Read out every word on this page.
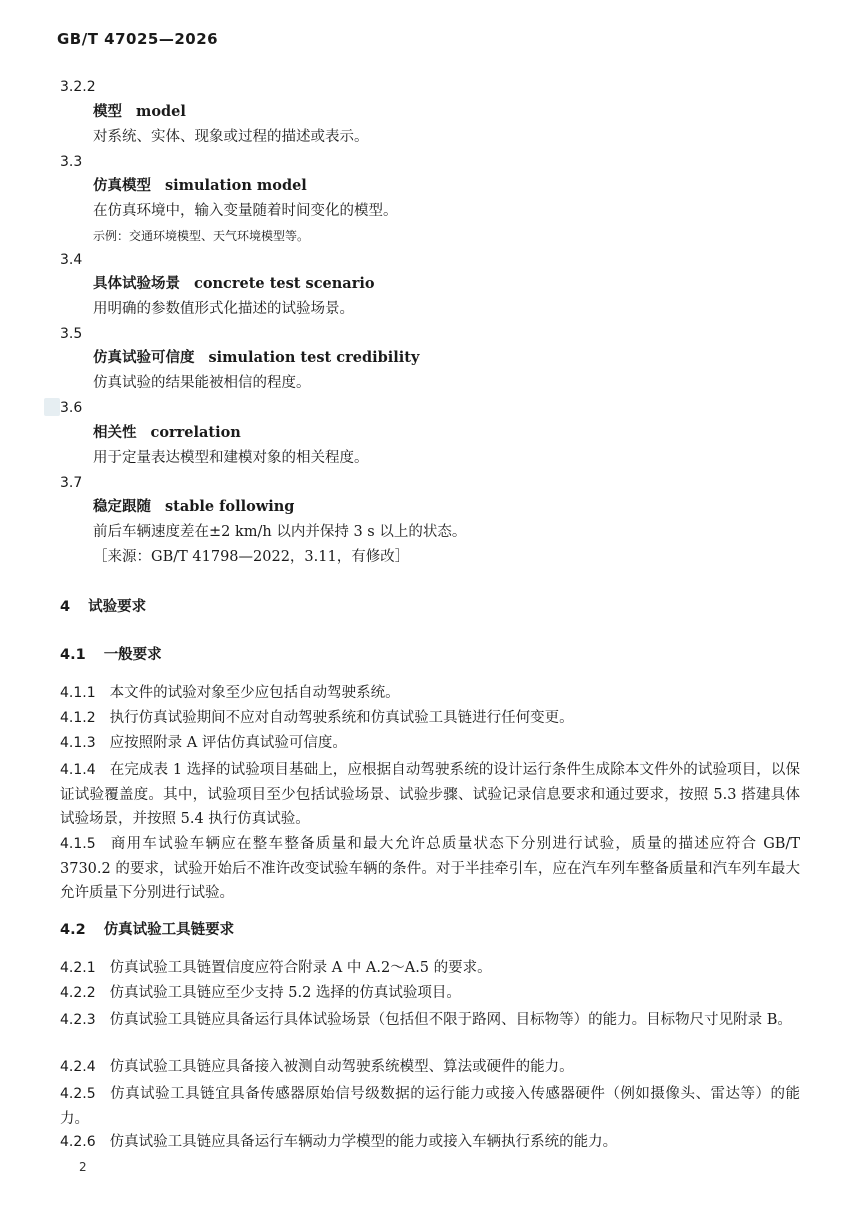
GB/T 47025—2026
3.2.2
模型 model
对系统、实体、现象或过程的描述或表示。
3.3
仿真模型 simulation model
在仿真环境中，输入变量随着时间变化的模型。
示例：交通环境模型、天气环境模型等。
3.4
具体试验场景 concrete test scenario
用明确的参数值形式化描述的试验场景。
3.5
仿真试验可信度 simulation test credibility
仿真试验的结果能被相信的程度。
3.6
相关性 correlation
用于定量表达模型和建模对象的相关程度。
3.7
稳定跟随 stable following
前后车辆速度差在±2 km/h 以内并保持 3 s 以上的状态。
［来源：GB/T 41798—2022，3.11，有修改］
4 试验要求
4.1 一般要求
4.1.1 本文件的试验对象至少应包括自动驾驶系统。
4.1.2 执行仿真试验期间不应对自动驾驶系统和仿真试验工具链进行任何变更。
4.1.3 应按照附录 A 评估仿真试验可信度。
4.1.4 在完成表 1 选择的试验项目基础上，应根据自动驾驶系统的设计运行条件生成除本文件外的试验项目，以保证试验覆盖度。其中，试验项目至少包括试验场景、试验步骤、试验记录信息要求和通过要求，按照 5.3 搭建具体试验场景，并按照 5.4 执行仿真试验。
4.1.5 商用车试验车辆应在整车整备质量和最大允许总质量状态下分别进行试验，质量的描述应符合 GB/T 3730.2 的要求，试验开始后不准许改变试验车辆的条件。对于半挂牵引车，应在汽车列车整备质量和汽车列车最大允许质量下分别进行试验。
4.2 仿真试验工具链要求
4.2.1 仿真试验工具链置信度应符合附录 A 中 A.2～A.5 的要求。
4.2.2 仿真试验工具链应至少支持 5.2 选择的仿真试验项目。
4.2.3 仿真试验工具链应具备运行具体试验场景（包括但不限于路网、目标物等）的能力。目标物尺寸见附录 B。
4.2.4 仿真试验工具链应具备接入被测自动驾驶系统模型、算法或硬件的能力。
4.2.5 仿真试验工具链宜具备传感器原始信号级数据的运行能力或接入传感器硬件（例如摄像头、雷达等）的能力。
4.2.6 仿真试验工具链应具备运行车辆动力学模型的能力或接入车辆执行系统的能力。
2
